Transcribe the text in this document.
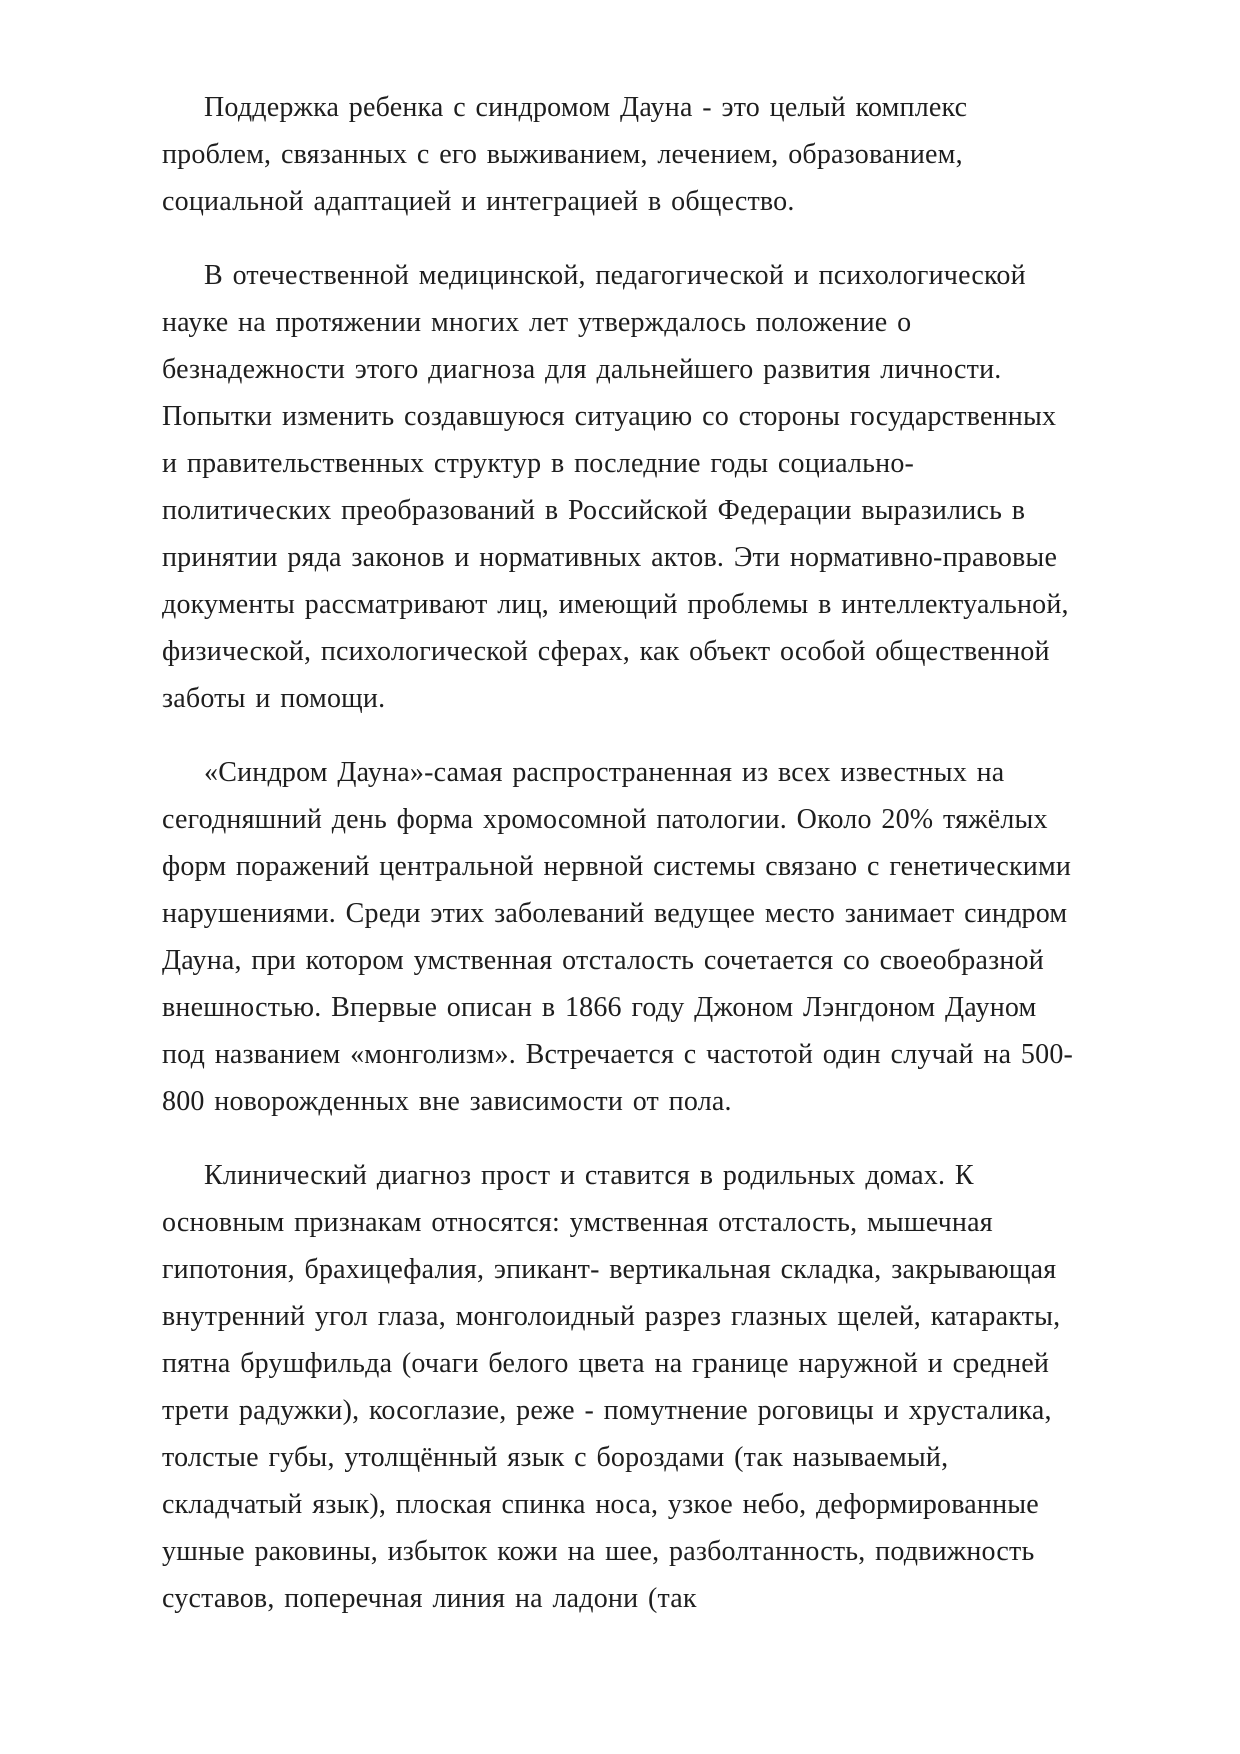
Поддержка ребенка с синдромом Дауна - это целый комплекс проблем, связанных с его выживанием, лечением, образованием, социальной адаптацией и интеграцией в общество.

В отечественной медицинской, педагогической и психологической науке на протяжении многих лет утверждалось положение о безнадежности этого диагноза для дальнейшего развития личности. Попытки изменить создавшуюся ситуацию со стороны государственных и правительственных структур в последние годы социально-политических преобразований в Российской Федерации выразились в принятии ряда законов и нормативных актов. Эти нормативно-правовые документы рассматривают лиц, имеющий проблемы в интеллектуальной, физической, психологической сферах, как объект особой общественной заботы и помощи.

«Синдром Дауна»-самая распространенная из всех известных на сегодняшний день форма хромосомной патологии. Около 20% тяжёлых форм поражений центральной нервной системы связано с генетическими нарушениями. Среди этих заболеваний ведущее место занимает синдром Дауна, при котором умственная отсталость сочетается со своеобразной внешностью. Впервые описан в 1866 году Джоном Лэнгдоном Дауном под названием «монголизм». Встречается с частотой один случай на 500-800 новорожденных вне зависимости от пола.

Клинический диагноз прост и ставится в родильных домах. К основным признакам относятся: умственная отсталость, мышечная гипотония, брахицефалия, эпикант- вертикальная складка, закрывающая внутренний угол глаза, монголоидный разрез глазных щелей, катаракты, пятна брушфильда (очаги белого цвета на границе наружной и средней трети радужки), косоглазие, реже - помутнение роговицы и хрусталика, толстые губы, утолщённый язык с бороздами (так называемый, складчатый язык), плоская спинка носа, узкое небо, деформированные ушные раковины, избыток кожи на шее, разболтанность, подвижность суставов, поперечная линия на ладони (так
